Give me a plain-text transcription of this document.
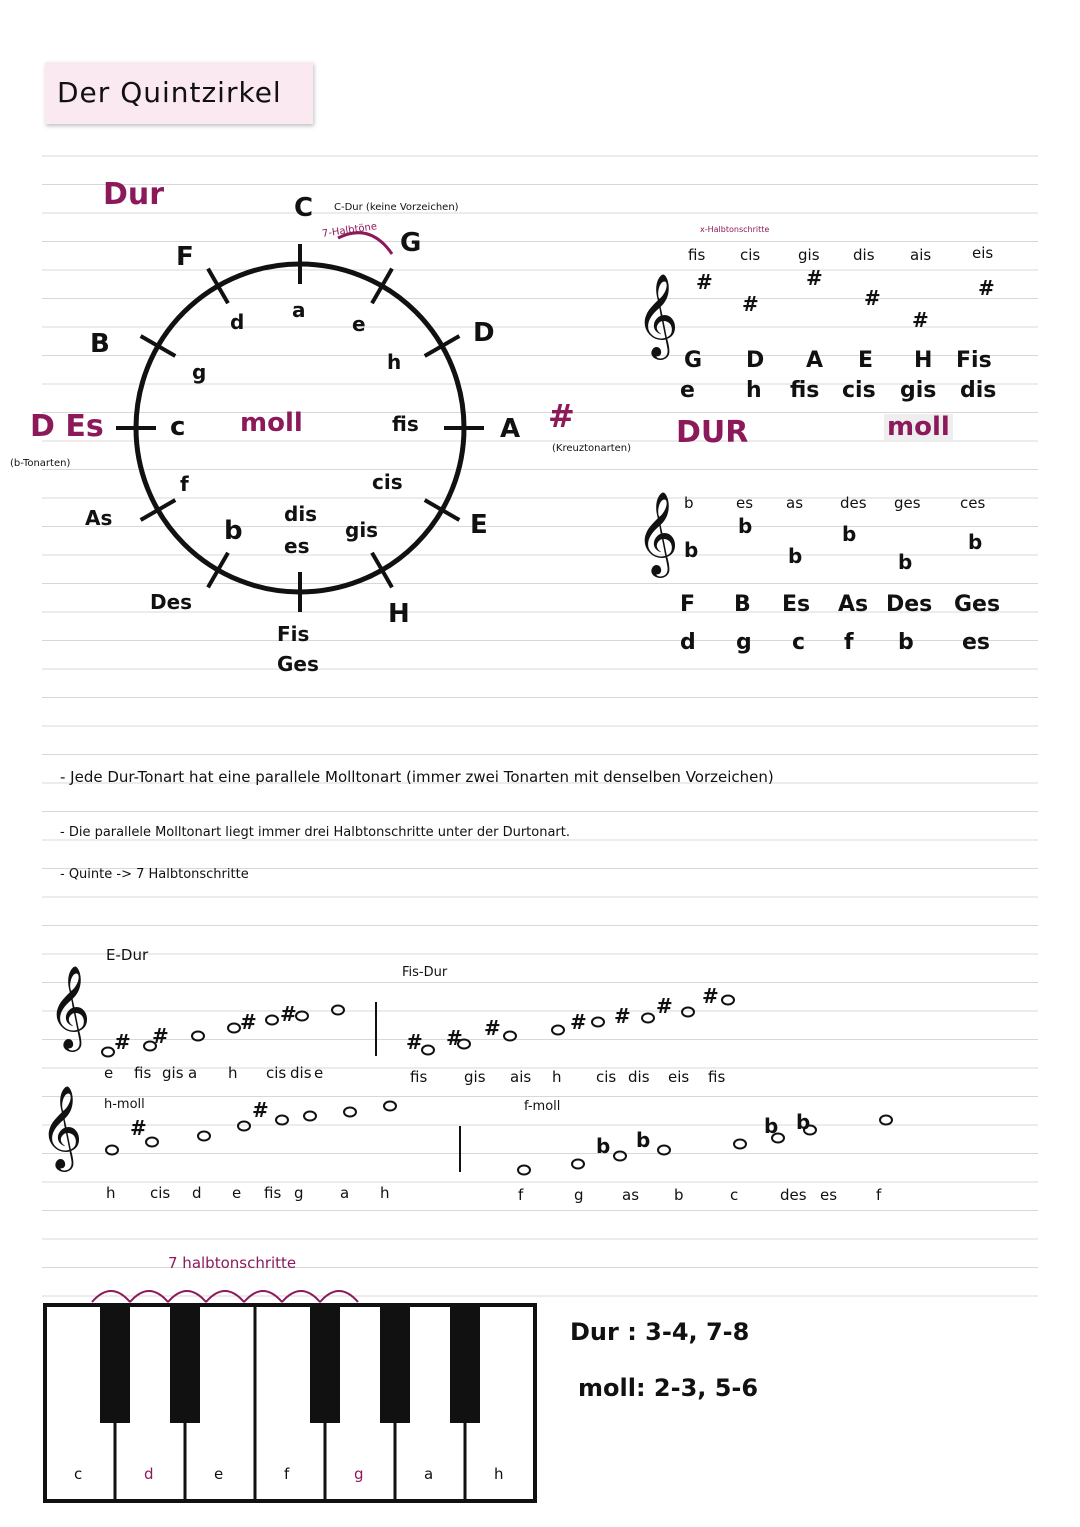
Der Quintzirkel
Dur	C C-Dur (keine Vorzeichen)
7-Halbtöne G
D
A
E
H
Fis
Ges
Des
As
D Es
(b-Tonarten)
B
F
moll
a
e
h
fis
cis
gis
dis
es
b
f
c
g
d
#
(Kreuztonarten)
𝄞
x-Halbtonschritte
fis cis	gis dis ais	eis
#
#
#
#
#
#
G D A E H Fis
e h fis cis gis dis
DUR	moll
𝄞 b	es as des ges	ces
b
b
b
b
b
b
F B Es As Des Ges
d g c f b es
- Jede Dur-Tonart hat eine parallele Molltonart (immer zwei Tonarten mit denselben Vorzeichen)
- Die parallele Molltonart liegt immer drei Halbtonschritte unter der Durtonart.
- Quinte -> 7 Halbtonschritte
𝄞
E-Dur
Fis-Dur
e fis gis a h cis dis e	fis gis ais h cis dis eis fis
𝄞 h-moll	f-moll
h cis d e fis g a h	f	g	as b	c	des es	f
7 halbtonschritte
c	d	e	f	g	a	h
Dur : 3-4, 7-8
moll: 2-3, 5-6
# #
# #
# # #	# # # #
#
#
b b
b b
